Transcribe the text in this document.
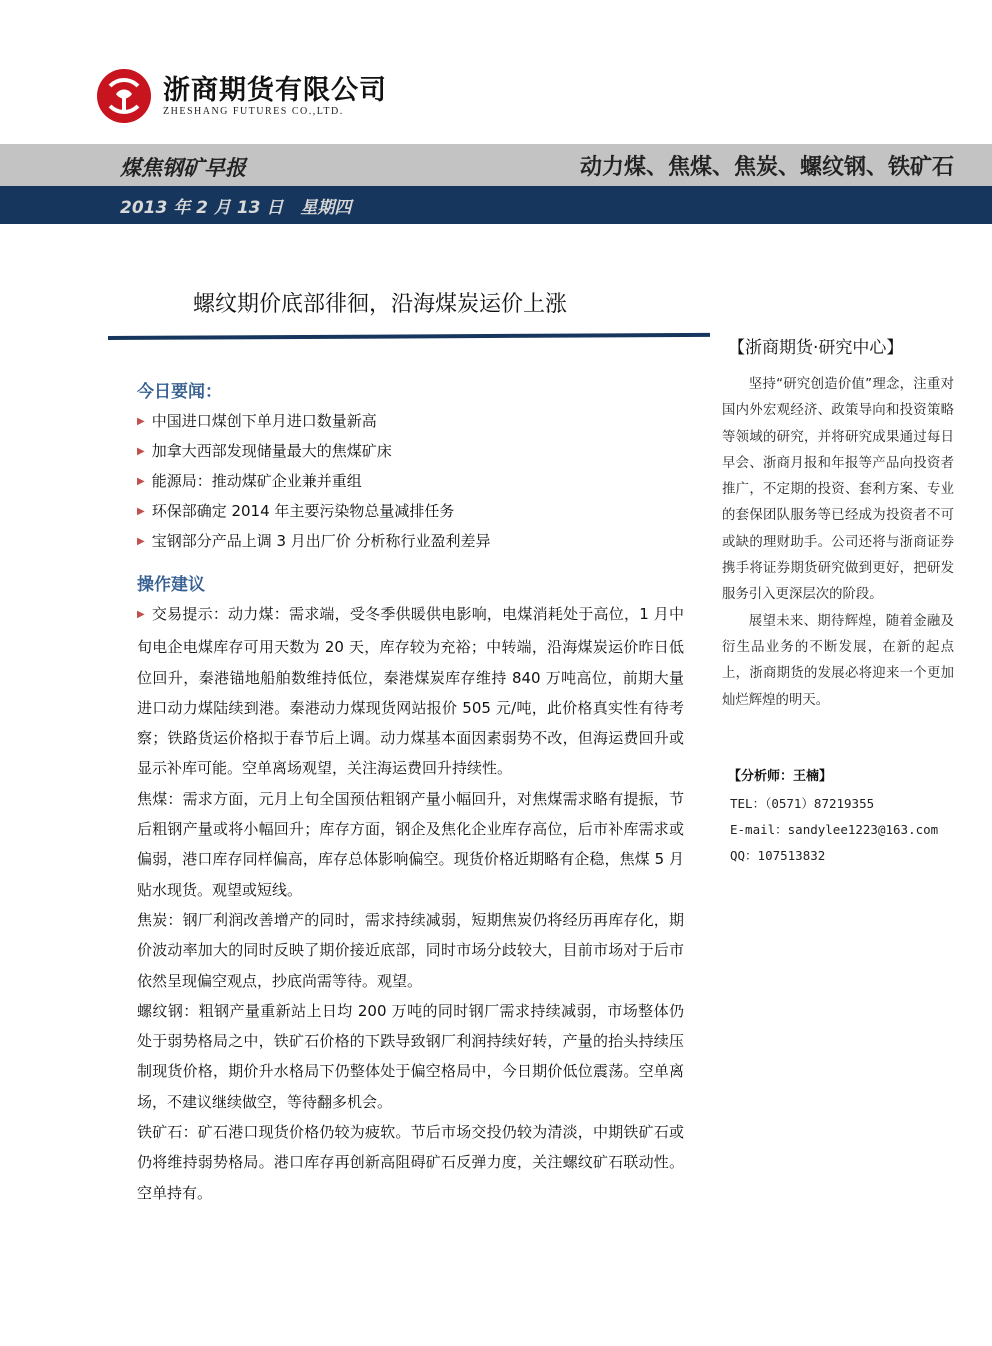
浙商期货有限公司
ZHESHANG FUTURES CO.,LTD.
煤焦钢矿早报	动力煤、焦煤、焦炭、螺纹钢、铁矿石
2013 年 2 月 13 日　星期四
螺纹期价底部徘徊，沿海煤炭运价上涨
【浙商期货·研究中心】

坚持“研究创造价值”理念，注重对国内外宏观经济、政策导向和投资策略等领域的研究，并将研究成果通过每日早会、浙商月报和年报等产品向投资者推广，不定期的投资、套利方案、专业的套保团队服务等已经成为投资者不可或缺的理财助手。公司还将与浙商证券携手将证券期货研究做到更好，把研发服务引入更深层次的阶段。

展望未来、期待辉煌，随着金融及衍生品业务的不断发展，在新的起点上，浙商期货的发展必将迎来一个更加灿烂辉煌的明天。

【分析师：王楠】
TEL：（0571）87219355
E-mail：sandylee1223@163.com
QQ：107513832
今日要闻：
▶ 中国进口煤创下单月进口数量新高
▶ 加拿大西部发现储量最大的焦煤矿床
▶ 能源局：推动煤矿企业兼并重组
▶ 环保部确定 2014 年主要污染物总量减排任务
▶ 宝钢部分产品上调 3 月出厂价 分析称行业盈利差异
操作建议

▶ 交易提示：动力煤：需求端，受冬季供暖供电影响，电煤消耗处于高位，1 月中旬电企电煤库存可用天数为 20 天，库存较为充裕；中转端，沿海煤炭运价昨日低位回升，秦港锚地船舶数维持低位，秦港煤炭库存维持 840 万吨高位，前期大量进口动力煤陆续到港。秦港动力煤现货网站报价 505 元/吨，此价格真实性有待考察；铁路货运价格拟于春节后上调。动力煤基本面因素弱势不改，但海运费回升或显示补库可能。空单离场观望，关注海运费回升持续性。

焦煤：需求方面，元月上旬全国预估粗钢产量小幅回升，对焦煤需求略有提振，节后粗钢产量或将小幅回升；库存方面，钢企及焦化企业库存高位，后市补库需求或偏弱，港口库存同样偏高，库存总体影响偏空。现货价格近期略有企稳，焦煤 5 月贴水现货。观望或短线。

焦炭：钢厂利润改善增产的同时，需求持续减弱，短期焦炭仍将经历再库存化，期价波动率加大的同时反映了期价接近底部，同时市场分歧较大，目前市场对于后市依然呈现偏空观点，抄底尚需等待。观望。

螺纹钢：粗钢产量重新站上日均 200 万吨的同时钢厂需求持续减弱，市场整体仍处于弱势格局之中，铁矿石价格的下跌导致钢厂利润持续好转，产量的抬头持续压制现货价格，期价升水格局下仍整体处于偏空格局中，今日期价低位震荡。空单离场，不建议继续做空，等待翻多机会。

铁矿石：矿石港口现货价格仍较为疲软。节后市场交投仍较为清淡，中期铁矿石或仍将维持弱势格局。港口库存再创新高阻碍矿石反弹力度，关注螺纹矿石联动性。空单持有。
